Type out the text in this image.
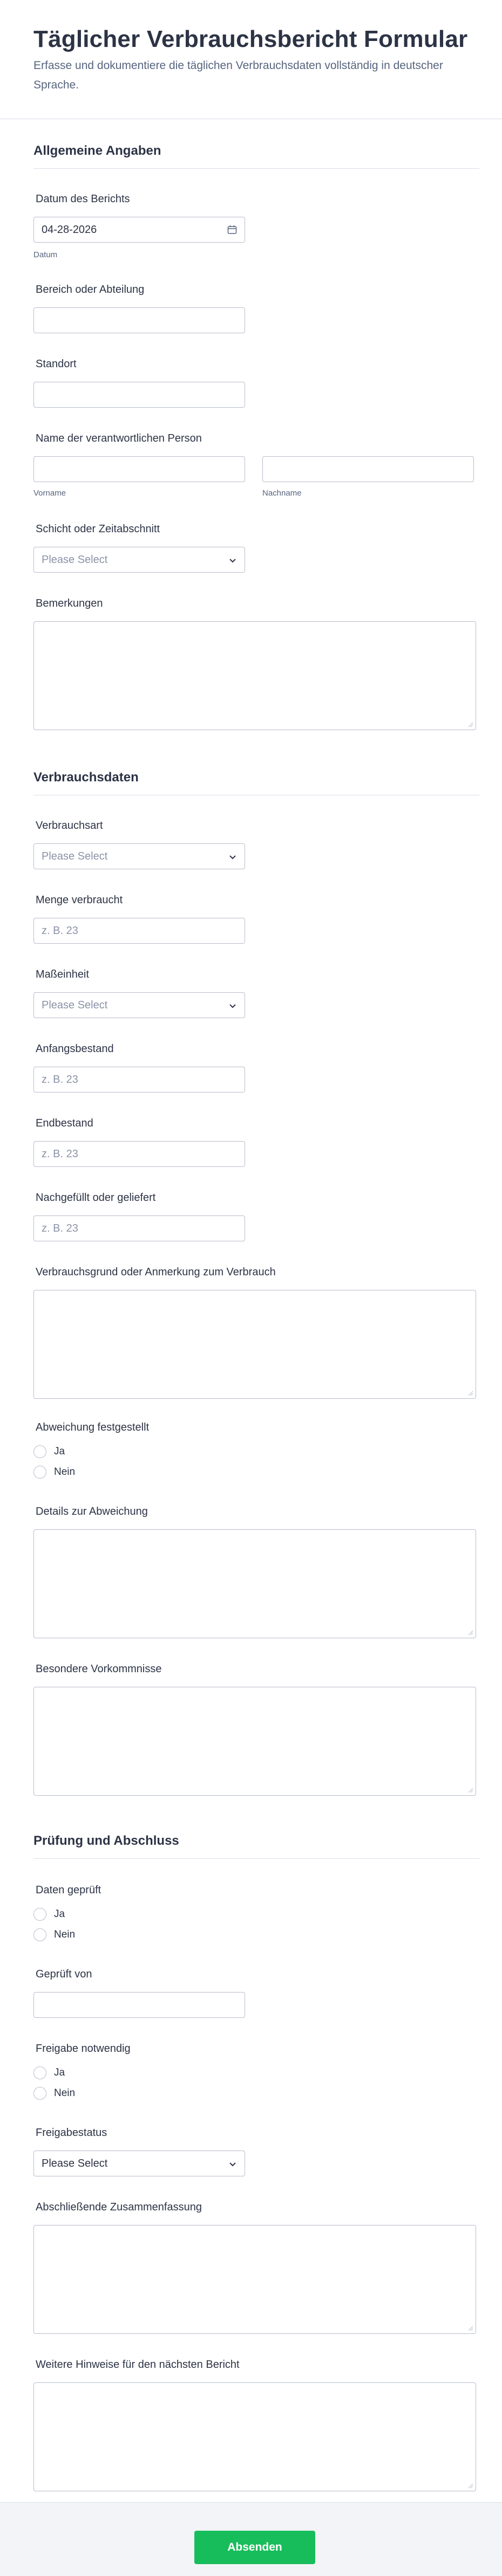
Täglicher Verbrauchsbericht Formular
Erfasse und dokumentiere die täglichen Verbrauchsdaten vollständig in deutscher Sprache.
Allgemeine Angaben
Datum des Berichts
04-28-2026
Datum
Bereich oder Abteilung
Standort
Name der verantwortlichen Person
Vorname	Nachname
Schicht oder Zeitabschnitt
Please Select
Bemerkungen
Verbrauchsdaten
Verbrauchsart
Please Select
Menge verbraucht
z. B. 23
Maßeinheit
Please Select
Anfangsbestand
z. B. 23
Endbestand
z. B. 23
Nachgefüllt oder geliefert
z. B. 23
Verbrauchsgrund oder Anmerkung zum Verbrauch
Abweichung festgestellt
Ja
Nein
Details zur Abweichung
Besondere Vorkommnisse
Prüfung und Abschluss
Daten geprüft
Ja
Nein
Geprüft von
Freigabe notwendig
Ja
Nein
Freigabestatus
Please Select
Abschließende Zusammenfassung
Weitere Hinweise für den nächsten Bericht
Absenden
